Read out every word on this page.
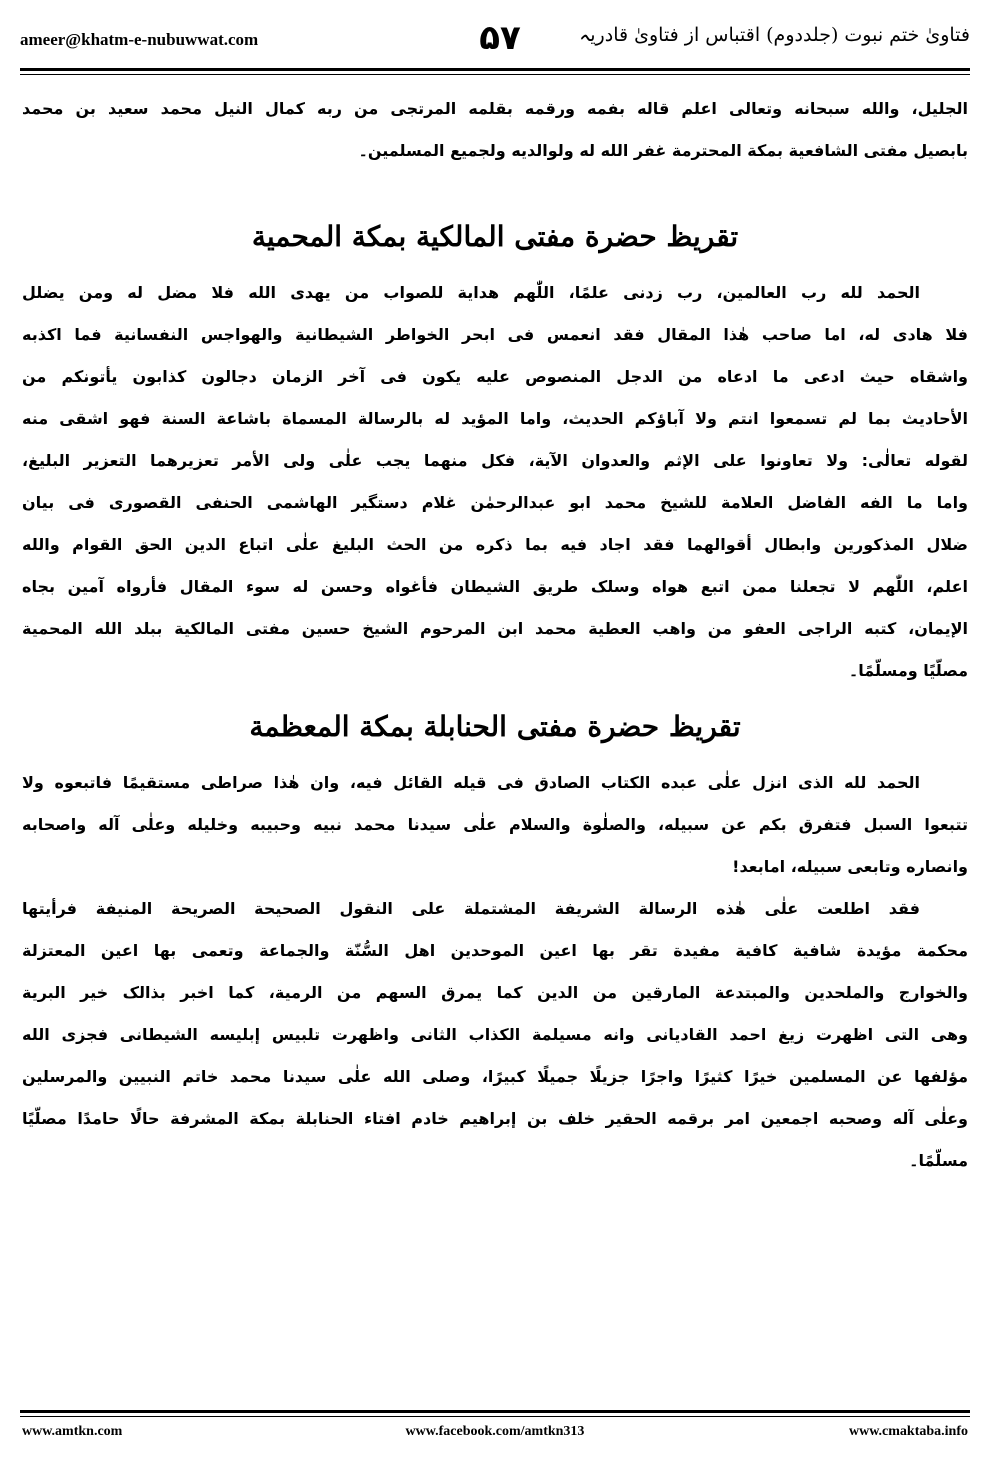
ameer@khatm-e-nubuwwat.com	۵۷	فتاویٰ ختم نبوت (جلددوم) اقتباس از فتاویٰ قادریہ
الجليل، والله سبحانه وتعالى اعلم قاله بفمه ورقمه بقلمه المرتجى من ربه كمال النيل محمد سعيد بن محمد
بابصيل مفتى الشافعية بمكة المحترمة غفر الله له ولوالديه ولجميع المسلمين۔
تقريظ حضرة مفتى المالكية بمكة المحمية
الحمد لله رب العالمين، رب زدنى علمًا، اللّٰهم هداية للصواب من يهدى الله فلا مضل له ومن يضلل
فلا هادى له، اما صاحب هٰذا المقال فقد انعمس فى ابحر الخواطر الشيطانية والهواجس النفسانية فما اكذبه
واشقاه حيث ادعى ما ادعاه من الدجل المنصوص عليه يكون فى آخر الزمان دجالون كذابون يأتونكم من
الأحاديث بما لم تسمعوا انتم ولا آباؤكم الحديث، واما المؤيد له بالرسالة المسماة باشاعة السنة فهو اشقى منه
لقوله تعالٰى: ولا تعاونوا على الإثم والعدوان الآية، فكل منهما يجب علٰى ولى الأمر تعزيرهما التعزير البليغ،
واما ما الفه الفاضل العلامة للشيخ محمد ابو عبدالرحمٰن غلام دستگير الهاشمى الحنفى القصورى فى بيان
ضلال المذكورين وابطال أقوالهما فقد اجاد فيه بما ذكره من الحث البليغ علٰى اتباع الدين الحق القوام والله
اعلم، اللّٰهم لا تجعلنا ممن اتبع هواه وسلک طريق الشيطان فأغواه وحسن له سوء المقال فأرواه آمين بجاه
الإيمان، كتبه الراجى العفو من واهب العطية محمد ابن المرحوم الشيخ حسين مفتى المالكية ببلد الله المحمية
مصلّيًا ومسلّمًا۔
تقريظ حضرة مفتى الحنابلة بمكة المعظمة
الحمد لله الذى انزل علٰى عبده الكتاب الصادق فى قيله القائل فيه، وان هٰذا صراطى مستقيمًا فاتبعوه ولا
تتبعوا السبل فتفرق بكم عن سبيله، والصلٰوة والسلام علٰى سيدنا محمد نبيه وحبيبه وخليله وعلٰى آله واصحابه
وانصاره وتابعى سبيله، امابعد!
فقد اطلعت علٰى هٰذه الرسالة الشريفة المشتملة على النقول الصحيحة الصريحة المنيفة فرأيتها
محكمة مؤيدة شافية كافية مفيدة تقر بها اعين الموحدين اهل السُّنّة والجماعة وتعمى بها اعين المعتزلة
والخوارج والملحدين والمبتدعة المارقين من الدين كما يمرق السهم من الرمية، كما اخبر بذالک خير البرية
وهى التى اظهرت زيغ احمد القاديانى وانه مسيلمة الكذاب الثانى واظهرت تلبيس إبليسه الشيطانى فجزى الله
مؤلفها عن المسلمين خيرًا كثيرًا واجرًا جزيلًا جميلًا كبيرًا، وصلى الله علٰى سيدنا محمد خاتم النبيين والمرسلين
وعلٰى آله وصحبه اجمعين امر برقمه الحقير خلف بن إبراهيم خادم افتاء الحنابلة بمكة المشرفة حالًا حامدًا مصلّيًا
مسلّمًا۔
www.amtkn.com	www.facebook.com/amtkn313	www.cmaktaba.info
